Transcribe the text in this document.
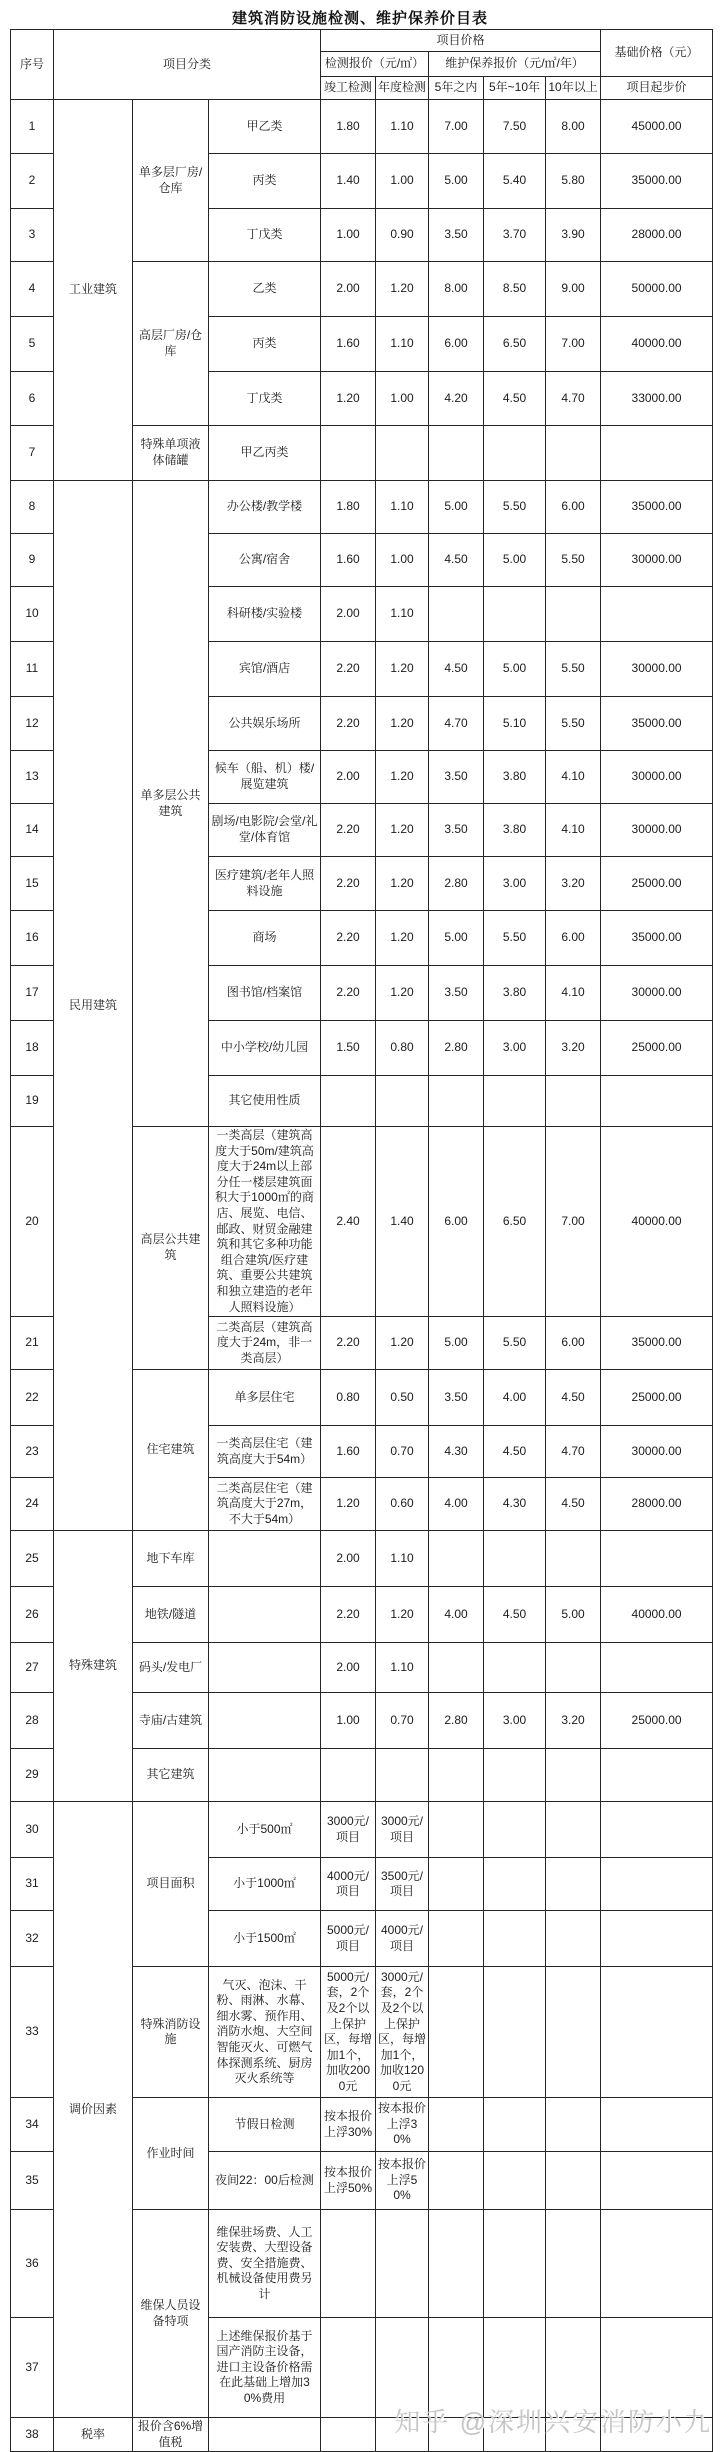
建筑消防设施检测、维护保养价目表
序号	项目分类			项目价格					基础价格（元）
				检测报价（元/㎡）		维护保养报价（元/㎡/年）			
				竣工检测	年度检测	5年之内	5年~10年	10年以上	项目起步价
1	工业建筑	单多层厂房/仓库	甲乙类	1.80	1.10	7.00	7.50	8.00	45000.00
2			丙类	1.40	1.00	5.00	5.40	5.80	35000.00
3			丁戊类	1.00	0.90	3.50	3.70	3.90	28000.00
4		高层厂房/仓库	乙类	2.00	1.20	8.00	8.50	9.00	50000.00
5			丙类	1.60	1.10	6.00	6.50	7.00	40000.00
6			丁戊类	1.20	1.00	4.20	4.50	4.70	33000.00
7		特殊单项液体储罐	甲乙丙类						
8	民用建筑	单多层公共建筑	办公楼/教学楼	1.80	1.10	5.00	5.50	6.00	35000.00
9			公寓/宿舍	1.60	1.00	4.50	5.00	5.50	30000.00
10			科研楼/实验楼	2.00	1.10				
11			宾馆/酒店	2.20	1.20	4.50	5.00	5.50	30000.00
12			公共娱乐场所	2.20	1.20	4.70	5.10	5.50	35000.00
13			候车（船、机）楼/展览建筑	2.00	1.20	3.50	3.80	4.10	30000.00
14			剧场/电影院/会堂/礼堂/体育馆	2.20	1.20	3.50	3.80	4.10	30000.00
15			医疗建筑/老年人照料设施	2.20	1.20	2.80	3.00	3.20	25000.00
16			商场	2.20	1.20	5.00	5.50	6.00	35000.00
17			图书馆/档案馆	2.20	1.20	3.50	3.80	4.10	30000.00
18			中小学校/幼儿园	1.50	0.80	2.80	3.00	3.20	25000.00
19			其它使用性质						
20		高层公共建筑	一类高层（建筑高度大于50m/建筑高度大于24m以上部分任一楼层建筑面积大于1000㎡的商店、展览、电信、邮政、财贸金融建筑和其它多种功能组合建筑/医疗建筑、重要公共建筑和独立建造的老年人照料设施）	2.40	1.40	6.00	6.50	7.00	40000.00
21			二类高层（建筑高度大于24m，非一类高层）	2.20	1.20	5.00	5.50	6.00	35000.00
22		住宅建筑	单多层住宅	0.80	0.50	3.50	4.00	4.50	25000.00
23			一类高层住宅（建筑高度大于54m）	1.60	0.70	4.30	4.50	4.70	30000.00
24			二类高层住宅（建筑高度大于27m，不大于54m）	1.20	0.60	4.00	4.30	4.50	28000.00
25	特殊建筑	地下车库		2.00	1.10				
26		地铁/隧道		2.20	1.20	4.00	4.50	5.00	40000.00
27		码头/发电厂		2.00	1.10				
28		寺庙/古建筑		1.00	0.70	2.80	3.00	3.20	25000.00
29		其它建筑							
30	调价因素	项目面积	小于500㎡	3000元/项目	3000元/项目				
31			小于1000㎡	4000元/项目	3500元/项目				
32			小于1500㎡	5000元/项目	4000元/项目				
33		特殊消防设施	气灭、泡沫、干粉、雨淋、水幕、细水雾、预作用、消防水炮、大空间智能灭火、可燃气体探测系统、厨房灭火系统等	5000元/套，2个及2个以上保护区，每增加1个，加收2000元	3000元/套，2个及2个以上保护区，每增加1个，加收1200元				
34		作业时间	节假日检测	按本报价上浮30%	按本报价上浮30%				
35			夜间22：00后检测	按本报价上浮50%	按本报价上浮50%				
36		维保人员设备特项	维保驻场费、人工安装费、大型设备费、安全措施费、机械设备使用费另计						
37			上述维保报价基于国产消防主设备，进口主设备价格需在此基础上增加30%费用						
38	税率	报价含6%增值税							
知乎 @深圳兴安消防小九
